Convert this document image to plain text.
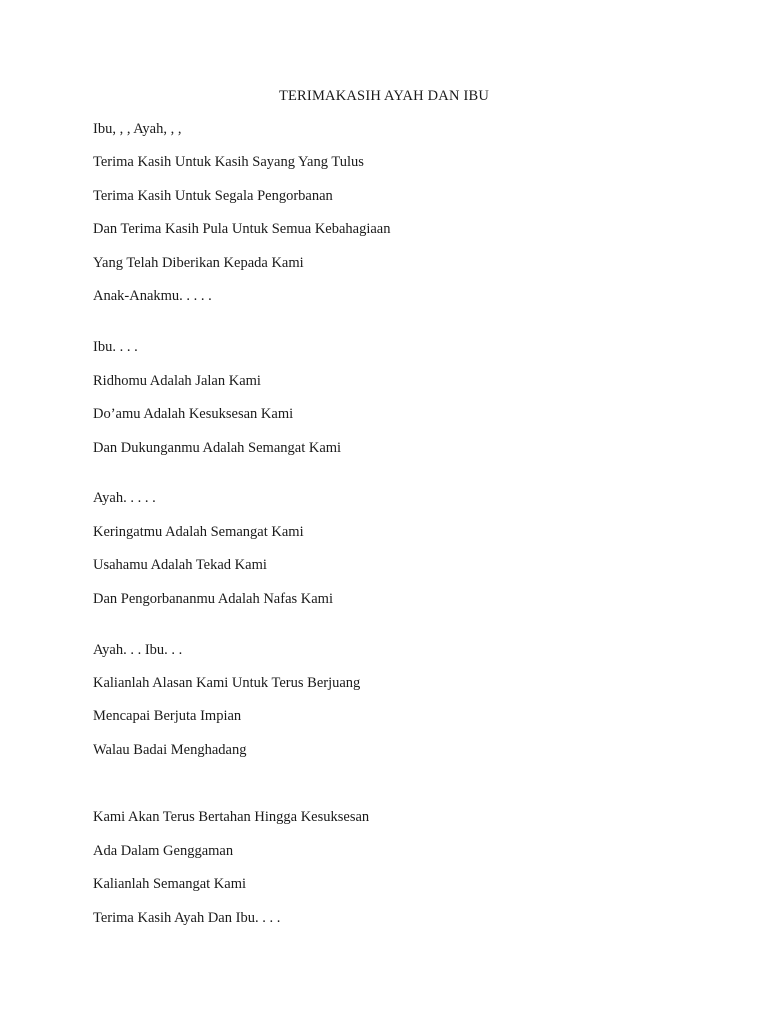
TERIMAKASIH AYAH DAN IBU
Ibu, , , Ayah, , ,
Terima Kasih Untuk Kasih Sayang Yang Tulus
Terima Kasih Untuk Segala Pengorbanan
Dan Terima Kasih Pula Untuk Semua Kebahagiaan
Yang Telah Diberikan Kepada Kami
Anak-Anakmu. . . . .
Ibu. . . .
Ridhomu Adalah Jalan Kami
Do’amu Adalah Kesuksesan Kami
Dan Dukunganmu Adalah Semangat Kami
Ayah. . . . .
Keringatmu Adalah Semangat Kami
Usahamu Adalah Tekad Kami
Dan Pengorbananmu Adalah Nafas Kami
Ayah. . . Ibu. . .
Kalianlah Alasan Kami Untuk Terus Berjuang
Mencapai Berjuta Impian
Walau Badai Menghadang
Kami Akan Terus Bertahan Hingga Kesuksesan
Ada Dalam Genggaman
Kalianlah Semangat Kami
Terima Kasih Ayah Dan Ibu. . . .
